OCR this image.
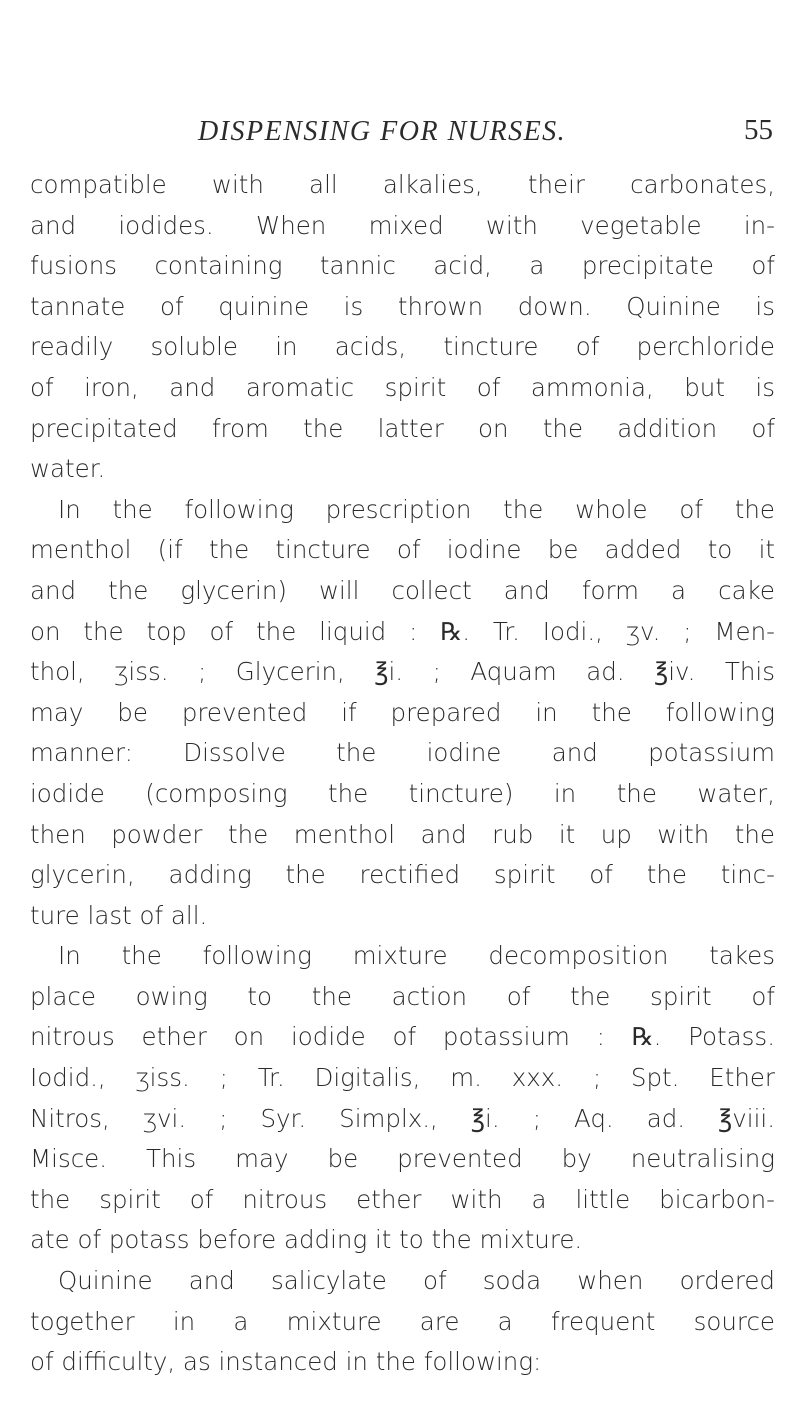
DISPENSING FOR NURSES.	55
compatible with all alkalies, their carbonates,
and iodides. When mixed with vegetable in-
fusions containing tannic acid, a precipitate of
tannate of quinine is thrown down. Quinine is
readily soluble in acids, tincture of perchloride
of iron, and aromatic spirit of ammonia, but is
precipitated from the latter on the addition of
water.
In the following prescription the whole of the
menthol (if the tincture of iodine be added to it
and the glycerin) will collect and form a cake
on the top of the liquid : ℞. Tr. Iodi., ʒv. ; Men-
thol, ʒiss. ; Glycerin, ℥i. ; Aquam ad. ℥iv. This
may be prevented if prepared in the following
manner: Dissolve the iodine and potassium
iodide (composing the tincture) in the water,
then powder the menthol and rub it up with the
glycerin, adding the rectified spirit of the tinc-
ture last of all.
In the following mixture decomposition takes
place owing to the action of the spirit of
nitrous ether on iodide of potassium : ℞. Potass.
Iodid., ʒiss. ; Tr. Digitalis, m. xxx. ; Spt. Ether
Nitros, ʒvi. ; Syr. Simplx., ℥i. ; Aq. ad. ℥viii.
Misce. This may be prevented by neutralising
the spirit of nitrous ether with a little bicarbon-
ate of potass before adding it to the mixture.
Quinine and salicylate of soda when ordered
together in a mixture are a frequent source
of difficulty, as instanced in the following:
